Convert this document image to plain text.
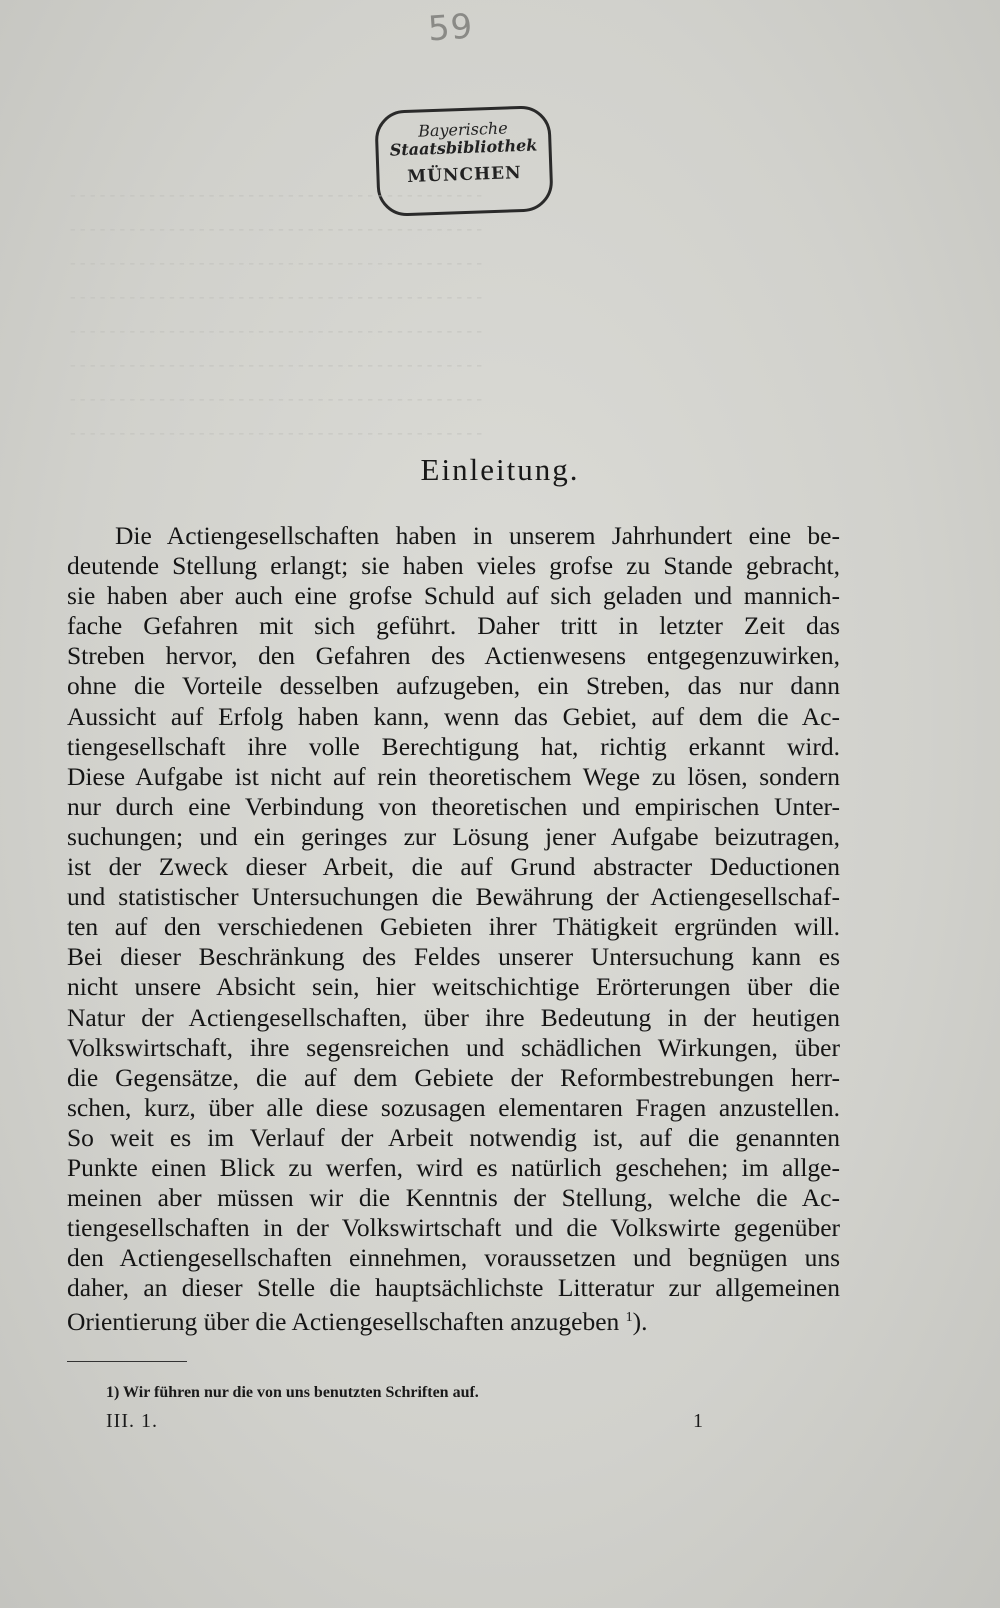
59
Bayerische
Staatsbibliothek
MÜNCHEN
- - - - - - - - - - - - - - - - - - - - - - - - - - - - - - - - - - - - - - - - - -
- - - - - - - - - - - - - - - - - - - - - - - - - - - - - - - - - - - - - - - - - -
- - - - - - - - - - - - - - - - - - - - - - - - - - - - - - - - - - - - - - - - - -
- - - - - - - - - - - - - - - - - - - - - - - - - - - - - - - - - - - - - - - - - -
- - - - - - - - - - - - - - - - - - - - - - - - - - - - - - - - - - - - - - - - - -
- - - - - - - - - - - - - - - - - - - - - - - - - - - - - - - - - - - - - - - - - -
- - - - - - - - - - - - - - - - - - - - - - - - - - - - - - - - - - - - - - - - - -
- - - - - - - - - - - - - - - - - - - - - - - - - - - - - - - - - - - - - - - - - -
Einleitung.
Die Actiengesellschaften haben in unserem Jahrhundert eine be-
deutende Stellung erlangt; sie haben vieles grofse zu Stande gebracht,
sie haben aber auch eine grofse Schuld auf sich geladen und mannich-
fache Gefahren mit sich geführt. Daher tritt in letzter Zeit das
Streben hervor, den Gefahren des Actienwesens entgegenzuwirken,
ohne die Vorteile desselben aufzugeben, ein Streben, das nur dann
Aussicht auf Erfolg haben kann, wenn das Gebiet, auf dem die Ac-
tiengesellschaft ihre volle Berechtigung hat, richtig erkannt wird.
Diese Aufgabe ist nicht auf rein theoretischem Wege zu lösen, sondern
nur durch eine Verbindung von theoretischen und empirischen Unter-
suchungen; und ein geringes zur Lösung jener Aufgabe beizutragen,
ist der Zweck dieser Arbeit, die auf Grund abstracter Deductionen
und statistischer Untersuchungen die Bewährung der Actiengesellschaf-
ten auf den verschiedenen Gebieten ihrer Thätigkeit ergründen will.
Bei dieser Beschränkung des Feldes unserer Untersuchung kann es
nicht unsere Absicht sein, hier weitschichtige Erörterungen über die
Natur der Actiengesellschaften, über ihre Bedeutung in der heutigen
Volkswirtschaft, ihre segensreichen und schädlichen Wirkungen, über
die Gegensätze, die auf dem Gebiete der Reformbestrebungen herr-
schen, kurz, über alle diese sozusagen elementaren Fragen anzustellen.
So weit es im Verlauf der Arbeit notwendig ist, auf die genannten
Punkte einen Blick zu werfen, wird es natürlich geschehen; im allge-
meinen aber müssen wir die Kenntnis der Stellung, welche die Ac-
tiengesellschaften in der Volkswirtschaft und die Volkswirte gegenüber
den Actiengesellschaften einnehmen, voraussetzen und begnügen uns
daher, an dieser Stelle die hauptsächlichste Litteratur zur allgemeinen
Orientierung über die Actiengesellschaften anzugeben $^1$).
1) Wir führen nur die von uns benutzten Schriften auf.
III. 1.	1
